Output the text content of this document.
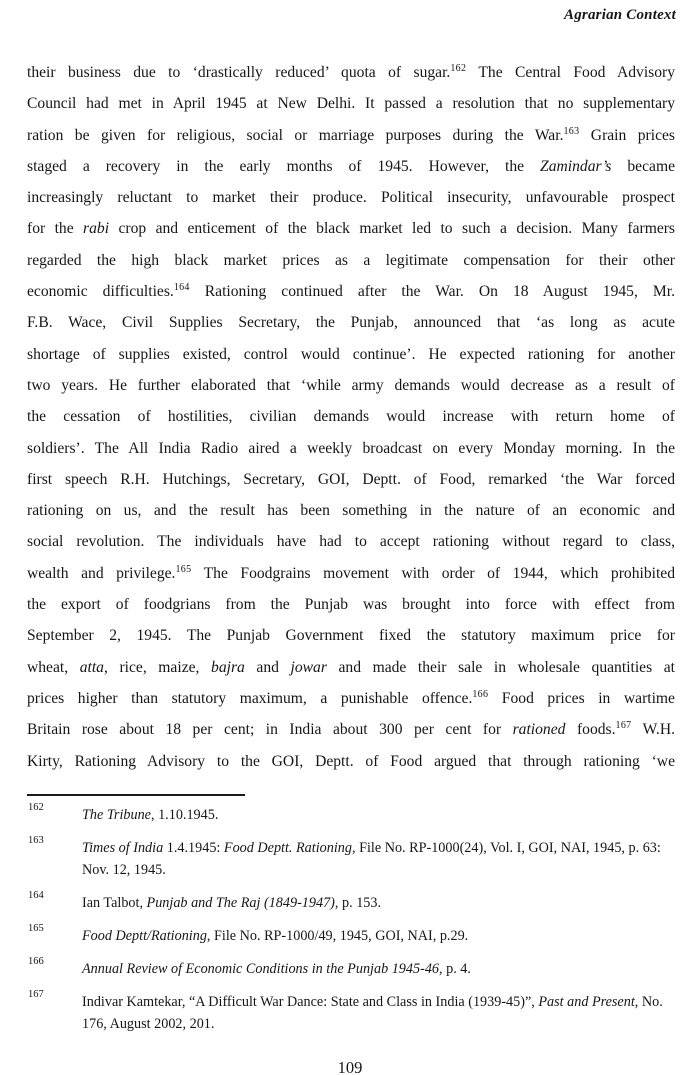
Agrarian Context
their business due to ‘drastically reduced’ quota of sugar.$^{162}$ The Central Food Advisory
Council had met in April 1945 at New Delhi. It passed a resolution that no supplementary
ration be given for religious, social or marriage purposes during the War.$^{163}$ Grain prices
staged a recovery in the early months of 1945. However, the Zamindar’s became
increasingly reluctant to market their produce. Political insecurity, unfavourable prospect
for the rabi crop and enticement of the black market led to such a decision. Many farmers
regarded the high black market prices as a legitimate compensation for their other
economic difficulties.$^{164}$ Rationing continued after the War. On 18 August 1945, Mr.
F.B. Wace, Civil Supplies Secretary, the Punjab, announced that ‘as long as acute
shortage of supplies existed, control would continue’. He expected rationing for another
two years. He further elaborated that ‘while army demands would decrease as a result of
the cessation of hostilities, civilian demands would increase with return home of
soldiers’. The All India Radio aired a weekly broadcast on every Monday morning. In the
first speech R.H. Hutchings, Secretary, GOI, Deptt. of Food, remarked ‘the War forced
rationing on us, and the result has been something in the nature of an economic and
social revolution. The individuals have had to accept rationing without regard to class,
wealth and privilege.$^{165}$ The Foodgrains movement with order of 1944, which prohibited
the export of foodgrians from the Punjab was brought into force with effect from
September 2, 1945. The Punjab Government fixed the statutory maximum price for
wheat, atta, rice, maize, bajra and jowar and made their sale in wholesale quantities at
prices higher than statutory maximum, a punishable offence.$^{166}$ Food prices in wartime
Britain rose about 18 per cent; in India about 300 per cent for rationed foods.$^{167}$ W.H.
Kirty, Rationing Advisory to the GOI, Deptt. of Food argued that through rationing ‘we
162	The Tribune, 1.10.1945.
163	Times of India 1.4.1945: Food Deptt. Rationing, File No. RP-1000(24), Vol. I, GOI, NAI, 1945, p. 63: Nov. 12, 1945.
164	Ian Talbot, Punjab and The Raj (1849-1947), p. 153.
165	Food Deptt/Rationing, File No. RP-1000/49, 1945, GOI, NAI, p.29.
166	Annual Review of Economic Conditions in the Punjab 1945-46, p. 4.
167	Indivar Kamtekar, “A Difficult War Dance: State and Class in India (1939-45)”, Past and Present, No. 176, August 2002, 201.
109
